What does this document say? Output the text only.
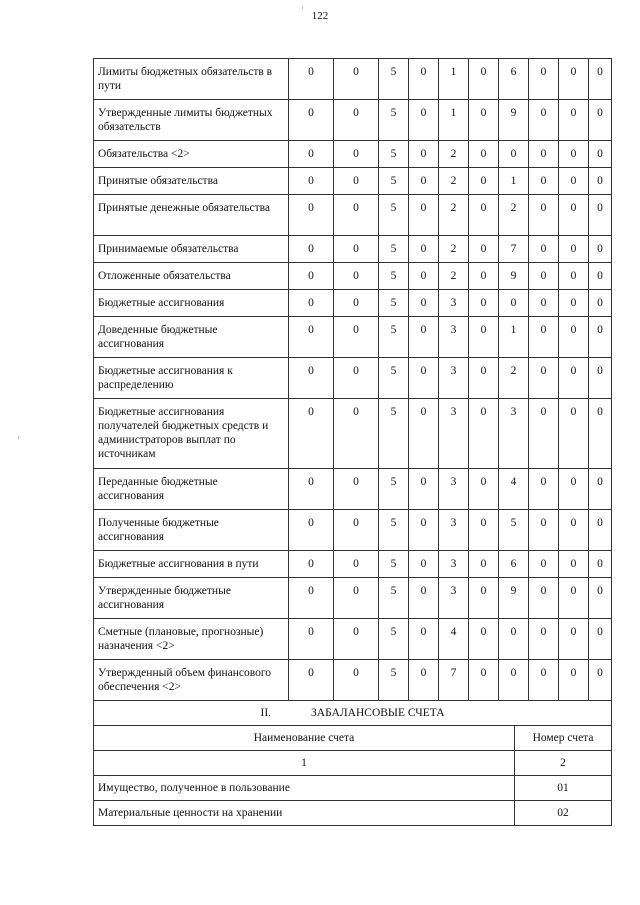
122
Лимиты бюджетных обязательств в пути	0	0	5	0	1	0	6	0	0	0
Утвержденные лимиты бюджетных обязательств	0	0	5	0	1	0	9	0	0	0
Обязательства <2>	0	0	5	0	2	0	0	0	0	0
Принятые обязательства	0	0	5	0	2	0	1	0	0	0
Принятые денежные обязательства	0	0	5	0	2	0	2	0	0	0
Принимаемые обязательства	0	0	5	0	2	0	7	0	0	0
Отложенные обязательства	0	0	5	0	2	0	9	0	0	0
Бюджетные ассигнования	0	0	5	0	3	0	0	0	0	0
Доведенные бюджетные ассигнования	0	0	5	0	3	0	1	0	0	0
Бюджетные ассигнования к распределению	0	0	5	0	3	0	2	0	0	0
Бюджетные ассигнования получателей бюджетных средств и администраторов выплат по источникам	0	0	5	0	3	0	3	0	0	0
Переданные бюджетные ассигнования	0	0	5	0	3	0	4	0	0	0
Полученные бюджетные ассигнования	0	0	5	0	3	0	5	0	0	0
Бюджетные ассигнования в пути	0	0	5	0	3	0	6	0	0	0
Утвержденные бюджетные ассигнования	0	0	5	0	3	0	9	0	0	0
Сметные (плановые, прогнозные) назначения <2>	0	0	5	0	4	0	0	0	0	0
Утвержденный объем финансового обеспечения <2>	0	0	5	0	7	0	0	0	0	0
II. ЗАБАЛАНСОВЫЕ СЧЕТА	
Наименование счета	Номер счета
1	2
Имущество, полученное в пользование	01
Материальные ценности на хранении	02
